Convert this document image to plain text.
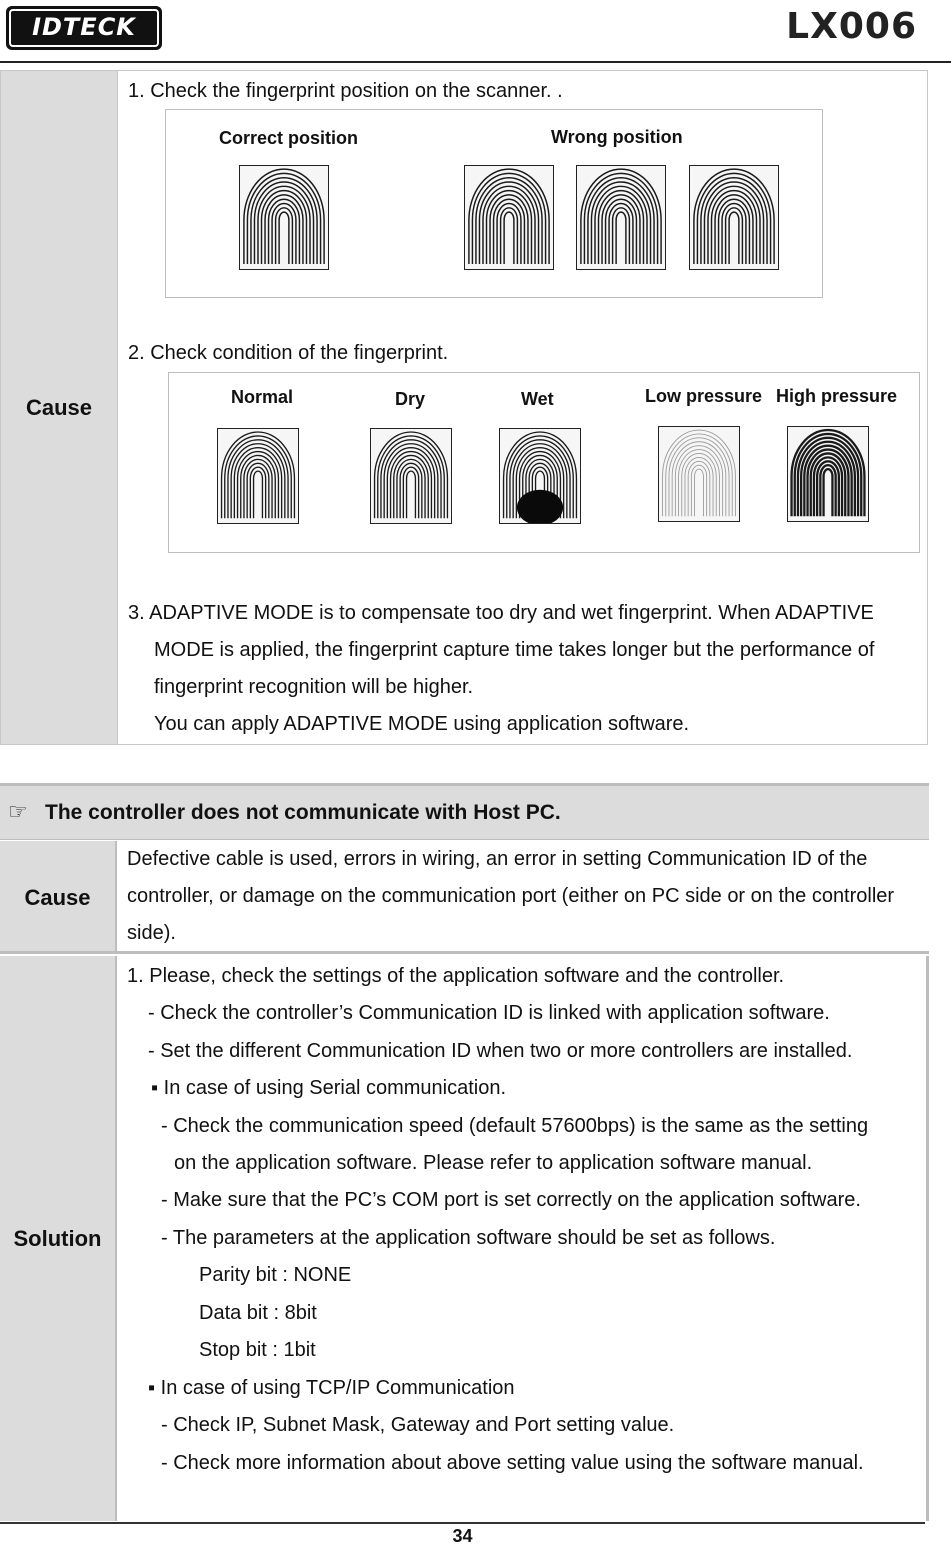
IDTECK	LX006
Cause	
1. Check the fingerprint position on the scanner. .
Correct position	Wrong position
2. Check condition of the fingerprint.
Normal	Dry	Wet	Low pressure High pressure
3. ADAPTIVE MODE is to compensate too dry and wet fingerprint. When ADAPTIVE
MODE is applied, the fingerprint capture time takes longer but the performance of
fingerprint recognition will be higher.
You can apply ADAPTIVE MODE using application software.
☞ The controller does not communicate with Host PC.
Cause
Defective cable is used, errors in wiring, an error in setting Communication ID of the
controller, or damage on the communication port (either on PC side or on the controller
side).
Solution
1. Please, check the settings of the application software and the controller.
- Check the controller’s Communication ID is linked with application software.
- Set the different Communication ID when two or more controllers are installed.
▪ In case of using Serial communication.
- Check the communication speed (default 57600bps) is the same as the setting
on the application software. Please refer to application software manual.
- Make sure that the PC’s COM port is set correctly on the application software.
- The parameters at the application software should be set as follows.
Parity bit : NONE
Data bit : 8bit
Stop bit : 1bit
▪ In case of using TCP/IP Communication
- Check IP, Subnet Mask, Gateway and Port setting value.
- Check more information about above setting value using the software manual.
34
